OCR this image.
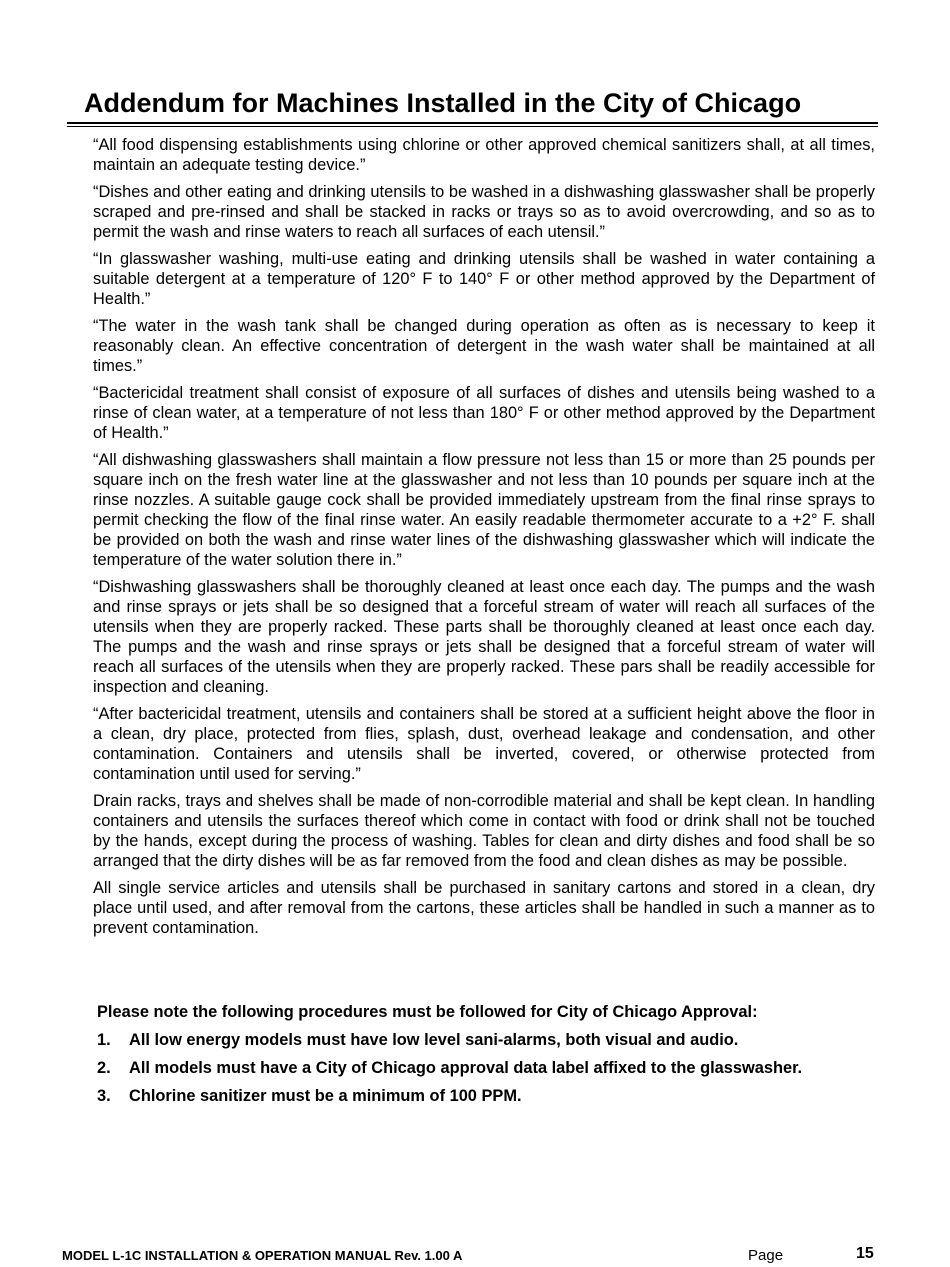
Addendum for Machines Installed in the City of Chicago

“All food dispensing establishments using chlorine or other approved chemical sanitizers shall, at all times, maintain an adequate testing device.”

“Dishes and other eating and drinking utensils to be washed in a dishwashing glasswasher shall be properly scraped and pre-rinsed and shall be stacked in racks or trays so as to avoid overcrowding, and so as to permit the wash and rinse waters to reach all surfaces of each utensil.”

“In glasswasher washing, multi-use eating and drinking utensils shall be washed in water containing a suitable detergent at a temperature of 120° F to 140° F or other method approved by the Department of Health.”

“The water in the wash tank shall be changed during operation as often as is necessary to keep it reasonably clean. An effective concentration of detergent in the wash water shall be maintained at all times.”

“Bactericidal treatment shall consist of exposure of all surfaces of dishes and utensils being washed to a rinse of clean water, at a temperature of not less than 180° F or other method approved by the Department of Health.”

“All dishwashing glasswashers shall maintain a flow pressure not less than 15 or more than 25 pounds per square inch on the fresh water line at the glasswasher and not less than 10 pounds per square inch at the rinse nozzles. A suitable gauge cock shall be provided immediately upstream from the final rinse sprays to permit checking the flow of the final rinse water. An easily readable thermometer accurate to a +2° F. shall be provided on both the wash and rinse water lines of the dishwashing glasswasher which will indicate the temperature of the water solution there in.”

“Dishwashing glasswashers shall be thoroughly cleaned at least once each day. The pumps and the wash and rinse sprays or jets shall be so designed that a forceful stream of water will reach all surfaces of the utensils when they are properly racked. These parts shall be thoroughly cleaned at least once each day. The pumps and the wash and rinse sprays or jets shall be designed that a forceful stream of water will reach all surfaces of the utensils when they are properly racked. These pars shall be readily accessible for inspection and cleaning.

“After bactericidal treatment, utensils and containers shall be stored at a sufficient height above the floor in a clean, dry place, protected from flies, splash, dust, overhead leakage and condensation, and other contamination. Containers and utensils shall be inverted, covered, or otherwise protected from contamination until used for serving.”

Drain racks, trays and shelves shall be made of non-corrodible material and shall be kept clean. In handling containers and utensils the surfaces thereof which come in contact with food or drink shall not be touched by the hands, except during the process of washing. Tables for clean and dirty dishes and food shall be so arranged that the dirty dishes will be as far removed from the food and clean dishes as may be possible.

All single service articles and utensils shall be purchased in sanitary cartons and stored in a clean, dry place until used, and after removal from the cartons, these articles shall be handled in such a manner as to prevent contamination.

Please note the following procedures must be followed for City of Chicago Approval:
1.	All low energy models must have low level sani-alarms, both visual and audio.
2.	All models must have a City of Chicago approval data label affixed to the glasswasher.
3.	Chlorine sanitizer must be a minimum of 100 PPM.
MODEL L-1C INSTALLATION & OPERATION MANUAL Rev. 1.00 A	Page	15
